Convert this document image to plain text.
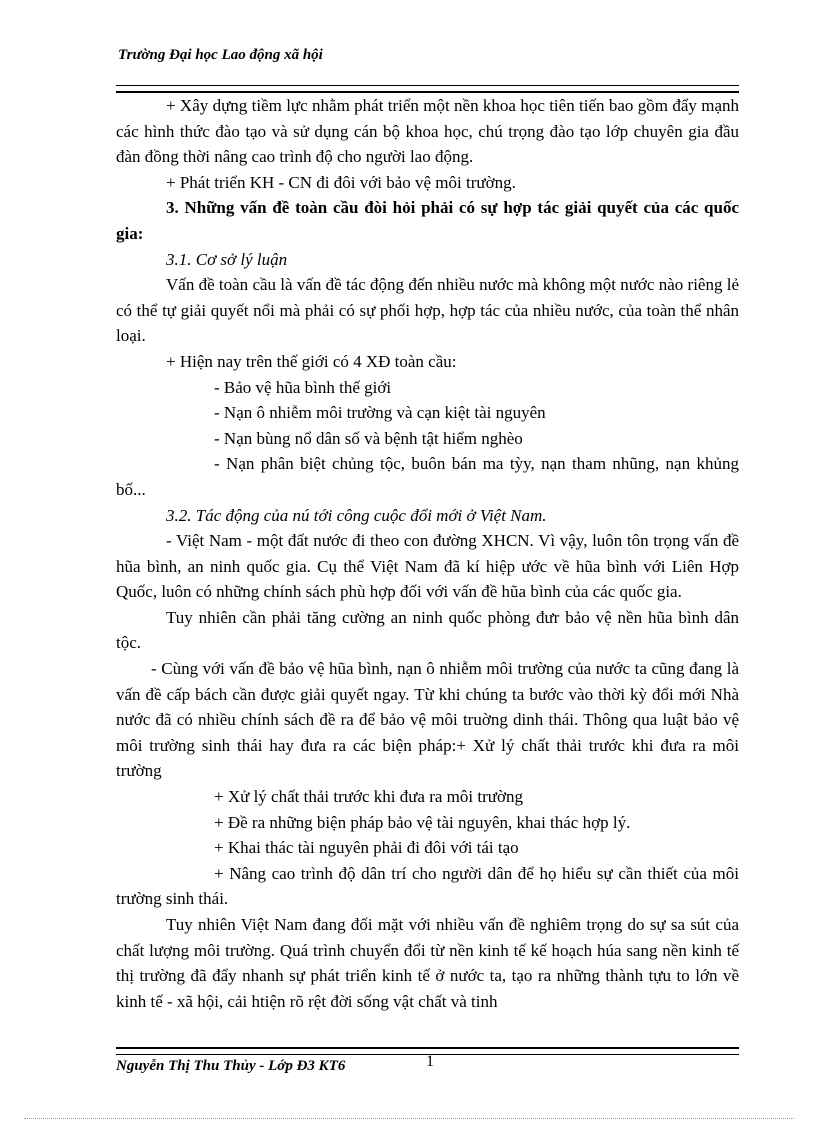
Trường Đại học Lao động xã hội

+ Xây dựng tiềm lực nhằm phát triển một nền khoa học tiên tiến bao gồm đẩy mạnh các hình thức đào tạo và sử dụng cán bộ khoa học, chú trọng đào tạo lớp chuyên gia đầu đàn đồng thời nâng cao trình độ cho người lao động.

+ Phát triển KH - CN đi đôi với bảo vệ môi trường.

3. Những vấn đề toàn cầu đòi hỏi phải có sự hợp tác giải quyết của các quốc gia:

3.1. Cơ sở lý luận

Vấn đề toàn cầu là vấn đề tác động đến nhiều nước mà không một nước nào riêng lẻ có thể tự giải quyết nổi mà phải có sự phối hợp, hợp tác của nhiều nước, của toàn thể nhân loại.

+ Hiện nay trên thế giới có 4 XĐ toàn cầu:

- Bảo vệ hũa bình thế giới

- Nạn ô nhiễm môi trường và cạn kiệt tài nguyên

- Nạn bùng nổ dân số và bệnh tật hiểm nghèo

- Nạn phân biệt chủng tộc, buôn bán ma tỳy, nạn tham nhũng, nạn khủng bố...

3.2. Tác động của nú tới công cuộc đổi mới ở Việt Nam.

- Việt Nam - một đất nước đi theo con đường XHCN. Vì vậy, luôn tôn trọng vấn đề hũa bình, an ninh quốc gia. Cụ thể Việt Nam đã kí hiệp ước về hũa bình với Liên Hợp Quốc, luôn có những chính sách phù hợp đối với vấn đề hũa bình của các quốc gia.

Tuy nhiên cần phải tăng cường an ninh quốc phòng đưr bảo vệ nền hũa bình dân tộc.

- Cùng với vấn đề bảo vệ hũa bình, nạn ô nhiễm môi trường của nước ta cũng đang là vấn đề cấp bách cần được giải quyết ngay. Từ khi chúng ta bước vào thời kỳ đổi mới Nhà nước đã có nhiều chính sách đề ra để bảo vệ môi truờng dinh thái. Thông qua luật bảo vệ môi trường sinh thái hay đưa ra các biện pháp:+ Xử lý chất thải trước khi đưa ra môi trường

+ Xử lý chất thải trước khi đưa ra môi trường

+ Đề ra những biện pháp bảo vệ tài nguyên, khai thác hợp lý.

+ Khai thác tài nguyên phải đi đôi với tái tạo

+ Nâng cao trình độ dân trí cho người dân để họ hiểu sự cần thiết của môi trường sinh thái.

Tuy nhiên Việt Nam đang đối mặt với nhiều vấn đề nghiêm trọng do sự sa sút của chất lượng môi trường. Quá trình chuyển đổi từ nền kinh tế kế hoạch húa sang nền kinh tế thị trường đã đẩy nhanh sự phát triển kinh tế ở nước ta, tạo ra những thành tựu to lớn về kinh tế - xã hội, cải htiện rõ rệt đời sống vật chất và tinh

Nguyễn Thị Thu Thủy - Lớp Đ3 KT6	1
